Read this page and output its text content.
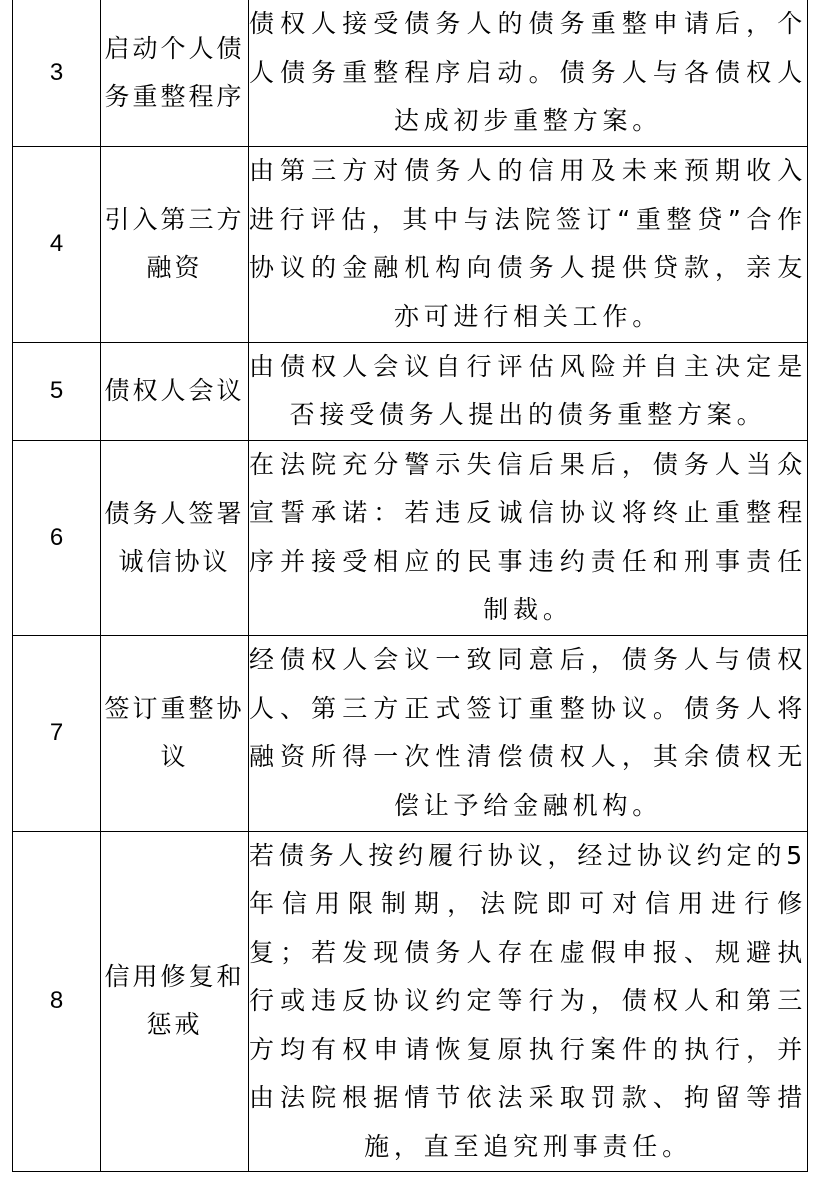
3	启动个人债务重整程序	债权人接受债务人的债务重整申请后，个人债务重整程序启动。债务人与各债权人达成初步重整方案。
4	引入第三方融资	由第三方对债务人的信用及未来预期收入进行评估，其中与法院签订“重整贷”合作协议的金融机构向债务人提供贷款，亲友亦可进行相关工作。
5	债权人会议	由债权人会议自行评估风险并自主决定是否接受债务人提出的债务重整方案。
6	债务人签署诚信协议	在法院充分警示失信后果后，债务人当众宣誓承诺：若违反诚信协议将终止重整程序并接受相应的民事违约责任和刑事责任制裁。
7	签订重整协议	经债权人会议一致同意后，债务人与债权人、第三方正式签订重整协议。债务人将融资所得一次性清偿债权人，其余债权无偿让予给金融机构。
8	信用修复和惩戒	若债务人按约履行协议，经过协议约定的5年信用限制期，法院即可对信用进行修复；若发现债务人存在虚假申报、规避执行或违反协议约定等行为，债权人和第三方均有权申请恢复原执行案件的执行，并由法院根据情节依法采取罚款、拘留等措施，直至追究刑事责任。
